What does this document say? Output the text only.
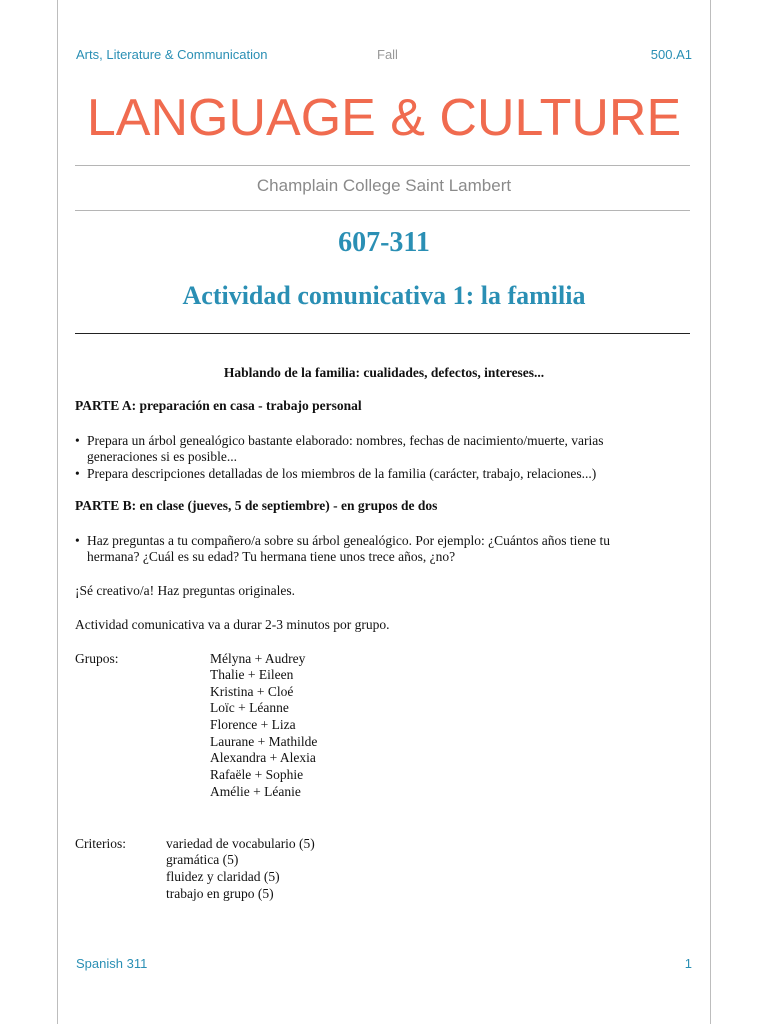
Arts, Literature & Communication	Fall	500.A1
LANGUAGE & CULTURE
Champlain College Saint Lambert
607-311
Actividad comunicativa 1: la familia
Hablando de la familia: cualidades, defectos, intereses...
PARTE A: preparación en casa - trabajo personal
• Prepara un árbol genealógico bastante elaborado: nombres, fechas de nacimiento/muerte, varias
generaciones si es posible...
• Prepara descripciones detalladas de los miembros de la familia (carácter, trabajo, relaciones...)
PARTE B: en clase (jueves, 5 de septiembre) - en grupos de dos
• Haz preguntas a tu compañero/a sobre su árbol genealógico. Por ejemplo: ¿Cuántos años tiene tu
hermana? ¿Cuál es su edad? Tu hermana tiene unos trece años, ¿no?
¡Sé creativo/a! Haz preguntas originales.
Actividad comunicativa va a durar 2-3 minutos por grupo.
Grupos:	Mélyna + Audrey
Thalie + Eileen
Kristina + Cloé
Loïc + Léanne
Florence + Liza
Laurane + Mathilde
Alexandra + Alexia
Rafaële + Sophie
Amélie + Léanie
Criterios:	variedad de vocabulario (5)
gramática (5)
fluidez y claridad (5)
trabajo en grupo (5)
Spanish 311	1
